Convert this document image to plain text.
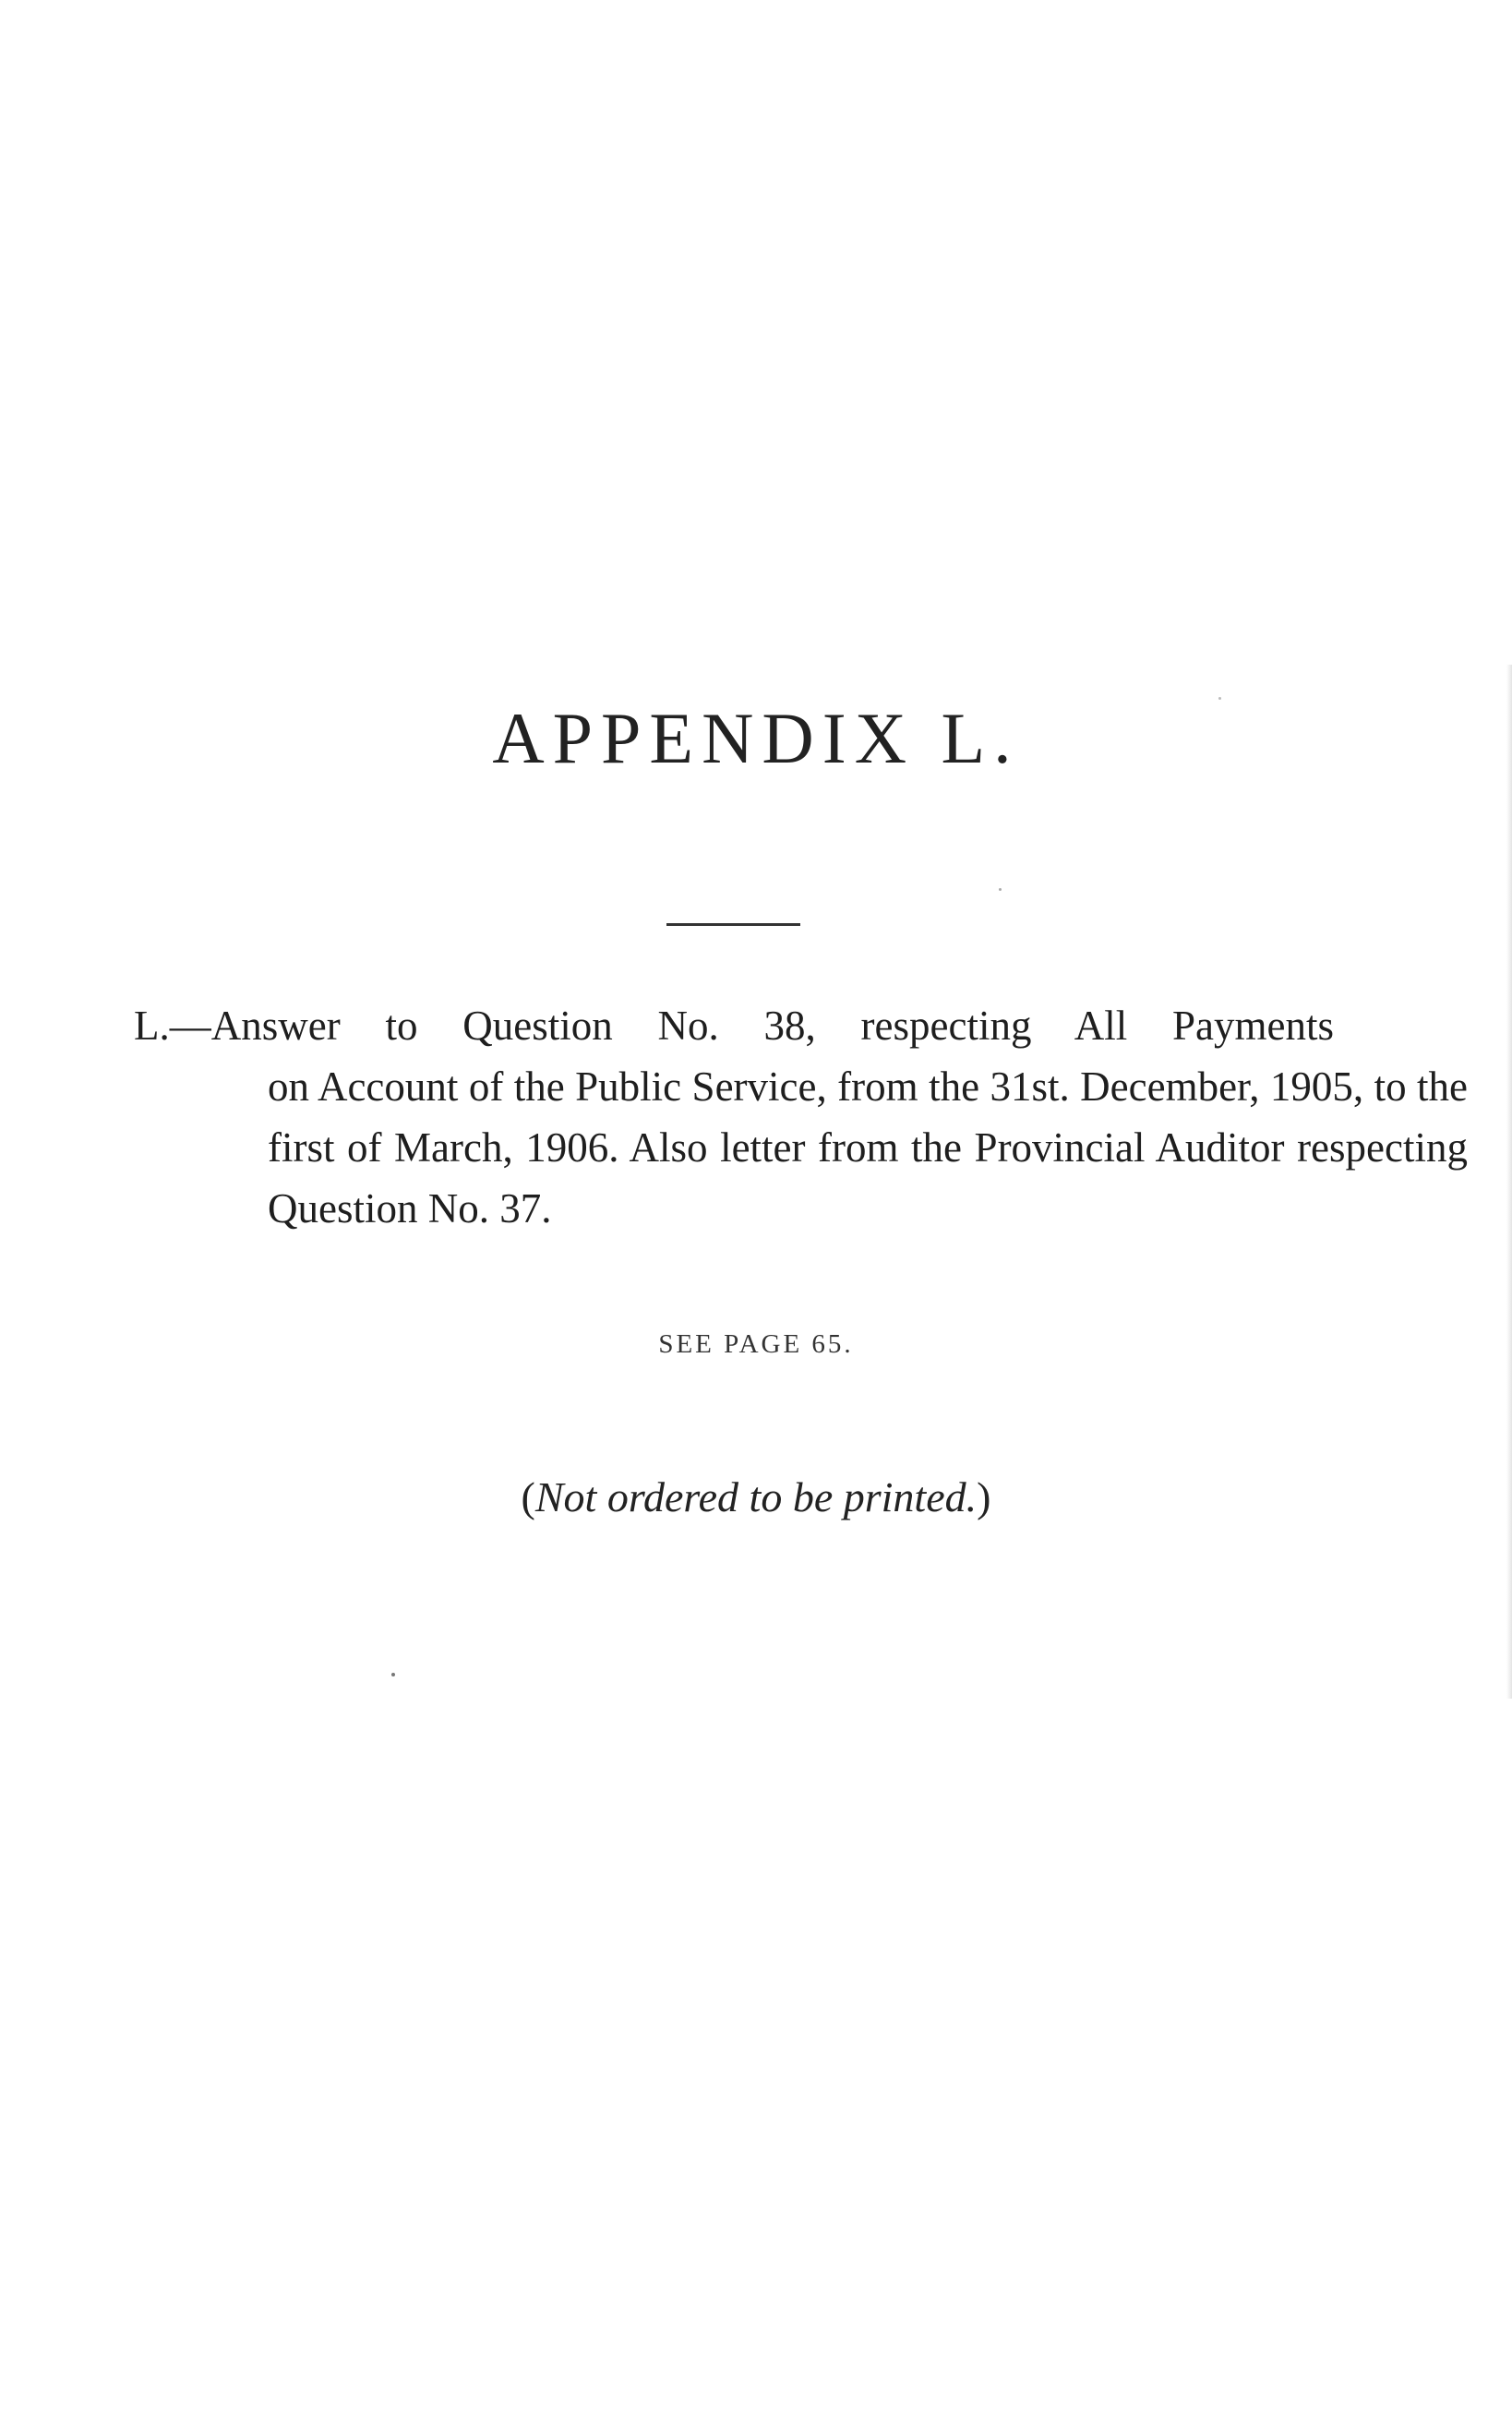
APPENDIX L.
L.—Answer to Question No. 38, respecting All Payments
on Account of the Public Service, from the 31st. December, 1905, to the first of March, 1906. Also letter from the Provincial Auditor respecting Question No. 37.
SEE PAGE 65.
(Not ordered to be printed.)
